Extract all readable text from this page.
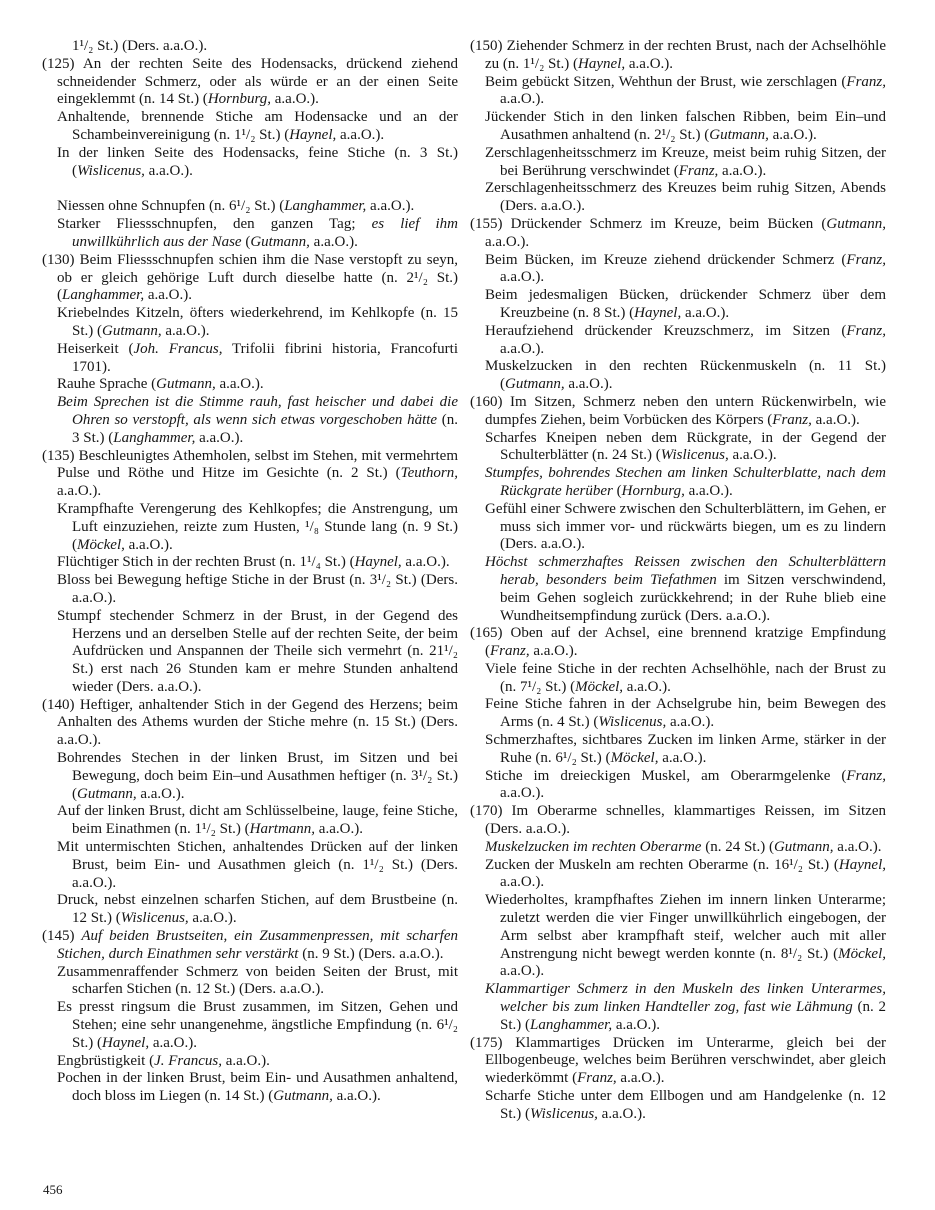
1¹/₂ St.) (Ders. a.a.O.).

(125) An der rechten Seite des Hodensacks, drückend ziehend schneidender Schmerz, oder als würde er an der einen Seite eingeklemmt (n. 14 St.) (Hornburg, a.a.O.).

Anhaltende, brennende Stiche am Hodensacke und an der Schambeinvereinigung (n. 1¹/₂ St.) (Haynel, a.a.O.).

In der linken Seite des Hodensacks, feine Stiche (n. 3 St.) (Wislicenus, a.a.O.).

Niessen ohne Schnupfen (n. 6¹/₂ St.) (Langhammer, a.a.O.).

Starker Fliessschnupfen, den ganzen Tag; es lief ihm unwillkührlich aus der Nase (Gutmann, a.a.O.).

(130) Beim Fliessschnupfen schien ihm die Nase verstopft zu seyn, ob er gleich gehörige Luft durch dieselbe hatte (n. 2¹/₂ St.) (Langhammer, a.a.O.).

Kriebelndes Kitzeln, öfters wiederkehrend, im Kehlkopfe (n. 15 St.) (Gutmann, a.a.O.).

Heiserkeit (Joh. Francus, Trifolii fibrini historia, Francofurti 1701).

Rauhe Sprache (Gutmann, a.a.O.).

Beim Sprechen ist die Stimme rauh, fast heischer und dabei die Ohren so verstopft, als wenn sich etwas vorgeschoben hätte (n. 3 St.) (Langhammer, a.a.O.).

(135) Beschleunigtes Athemholen, selbst im Stehen, mit vermehrtem Pulse und Röthe und Hitze im Gesichte (n. 2 St.) (Teuthorn, a.a.O.).

Krampfhafte Verengerung des Kehlkopfes; die Anstrengung, um Luft einzuziehen, reizte zum Husten, ¹/₈ Stunde lang (n. 9 St.) (Möckel, a.a.O.).

Flüchtiger Stich in der rechten Brust (n. 1¹/₄ St.) (Haynel, a.a.O.).

Bloss bei Bewegung heftige Stiche in der Brust (n. 3¹/₂ St.) (Ders. a.a.O.).

Stumpf stechender Schmerz in der Brust, in der Gegend des Herzens und an derselben Stelle auf der rechten Seite, der beim Aufdrücken und Anspannen der Theile sich vermehrt (n. 21¹/₂ St.) erst nach 26 Stunden kam er mehre Stunden anhaltend wieder (Ders. a.a.O.).

(140) Heftiger, anhaltender Stich in der Gegend des Herzens; beim Anhalten des Athems wurden der Stiche mehre (n. 15 St.) (Ders. a.a.O.).

Bohrendes Stechen in der linken Brust, im Sitzen und bei Bewegung, doch beim Ein–und Ausathmen heftiger (n. 3¹/₂ St.) (Gutmann, a.a.O.).

Auf der linken Brust, dicht am Schlüsselbeine, lauge, feine Stiche, beim Einathmen (n. 1¹/₂ St.) (Hartmann, a.a.O.).

Mit untermischten Stichen, anhaltendes Drücken auf der linken Brust, beim Ein- und Ausathmen gleich (n. 1¹/₂ St.) (Ders. a.a.O.).

Druck, nebst einzelnen scharfen Stichen, auf dem Brustbeine (n. 12 St.) (Wislicenus, a.a.O.).

(145) Auf beiden Brustseiten, ein Zusammenpressen, mit scharfen Stichen, durch Einathmen sehr verstärkt (n. 9 St.) (Ders. a.a.O.).

Zusammenraffender Schmerz von beiden Seiten der Brust, mit scharfen Stichen (n. 12 St.) (Ders. a.a.O.).

Es presst ringsum die Brust zusammen, im Sitzen, Gehen und Stehen; eine sehr unangenehme, ängstliche Empfindung (n. 6¹/₂ St.) (Haynel, a.a.O.).

Engbrüstigkeit (J. Francus, a.a.O.).

Pochen in der linken Brust, beim Ein- und Ausathmen anhaltend, doch bloss im Liegen (n. 14 St.) (Gutmann, a.a.O.).

(150) Ziehender Schmerz in der rechten Brust, nach der Achselhöhle zu (n. 1¹/₂ St.) (Haynel, a.a.O.).

Beim gebückt Sitzen, Wehthun der Brust, wie zerschlagen (Franz, a.a.O.).

Jückender Stich in den linken falschen Ribben, beim Ein–und Ausathmen anhaltend (n. 2¹/₂ St.) (Gutmann, a.a.O.).

Zerschlagenheitsschmerz im Kreuze, meist beim ruhig Sitzen, der bei Berührung verschwindet (Franz, a.a.O.).

Zerschlagenheitsschmerz des Kreuzes beim ruhig Sitzen, Abends (Ders. a.a.O.).

(155) Drückender Schmerz im Kreuze, beim Bücken (Gutmann, a.a.O.).

Beim Bücken, im Kreuze ziehend drückender Schmerz (Franz, a.a.O.).

Beim jedesmaligen Bücken, drückender Schmerz über dem Kreuzbeine (n. 8 St.) (Haynel, a.a.O.).

Heraufziehend drückender Kreuzschmerz, im Sitzen (Franz, a.a.O.).

Muskelzucken in den rechten Rückenmuskeln (n. 11 St.) (Gutmann, a.a.O.).

(160) Im Sitzen, Schmerz neben den untern Rückenwirbeln, wie dumpfes Ziehen, beim Vorbücken des Körpers (Franz, a.a.O.).

Scharfes Kneipen neben dem Rückgrate, in der Gegend der Schulterblätter (n. 24 St.) (Wislicenus, a.a.O.).

Stumpfes, bohrendes Stechen am linken Schulterblatte, nach dem Rückgrate herüber (Hornburg, a.a.O.).

Gefühl einer Schwere zwischen den Schulterblättern, im Gehen, er muss sich immer vor- und rückwärts biegen, um es zu lindern (Ders. a.a.O.).

Höchst schmerzhaftes Reissen zwischen den Schulterblättern herab, besonders beim Tiefathmen im Sitzen verschwindend, beim Gehen sogleich zurückkehrend; in der Ruhe blieb eine Wundheitsempfindung zurück (Ders. a.a.O.).

(165) Oben auf der Achsel, eine brennend kratzige Empfindung (Franz, a.a.O.).

Viele feine Stiche in der rechten Achselhöhle, nach der Brust zu (n. 7¹/₂ St.) (Möckel, a.a.O.).

Feine Stiche fahren in der Achselgrube hin, beim Bewegen des Arms (n. 4 St.) (Wislicenus, a.a.O.).

Schmerzhaftes, sichtbares Zucken im linken Arme, stärker in der Ruhe (n. 6¹/₂ St.) (Möckel, a.a.O.).

Stiche im dreieckigen Muskel, am Oberarmgelenke (Franz, a.a.O.).

(170) Im Oberarme schnelles, klammartiges Reissen, im Sitzen (Ders. a.a.O.).

Muskelzucken im rechten Oberarme (n. 24 St.) (Gutmann, a.a.O.).

Zucken der Muskeln am rechten Oberarme (n. 16¹/₂ St.) (Haynel, a.a.O.).

Wiederholtes, krampfhaftes Ziehen im innern linken Unterarme; zuletzt werden die vier Finger unwillkührlich eingebogen, der Arm selbst aber krampfhaft steif, welcher auch mit aller Anstrengung nicht bewegt werden konnte (n. 8¹/₂ St.) (Möckel, a.a.O.).

Klammartiger Schmerz in den Muskeln des linken Unterarmes, welcher bis zum linken Handteller zog, fast wie Lähmung (n. 2 St.) (Langhammer, a.a.O.).

(175) Klammartiges Drücken im Unterarme, gleich bei der Ellbogenbeuge, welches beim Berühren verschwindet, aber gleich wiederkömmt (Franz, a.a.O.).

Scharfe Stiche unter dem Ellbogen und am Handgelenke (n. 12 St.) (Wislicenus, a.a.O.).

456
